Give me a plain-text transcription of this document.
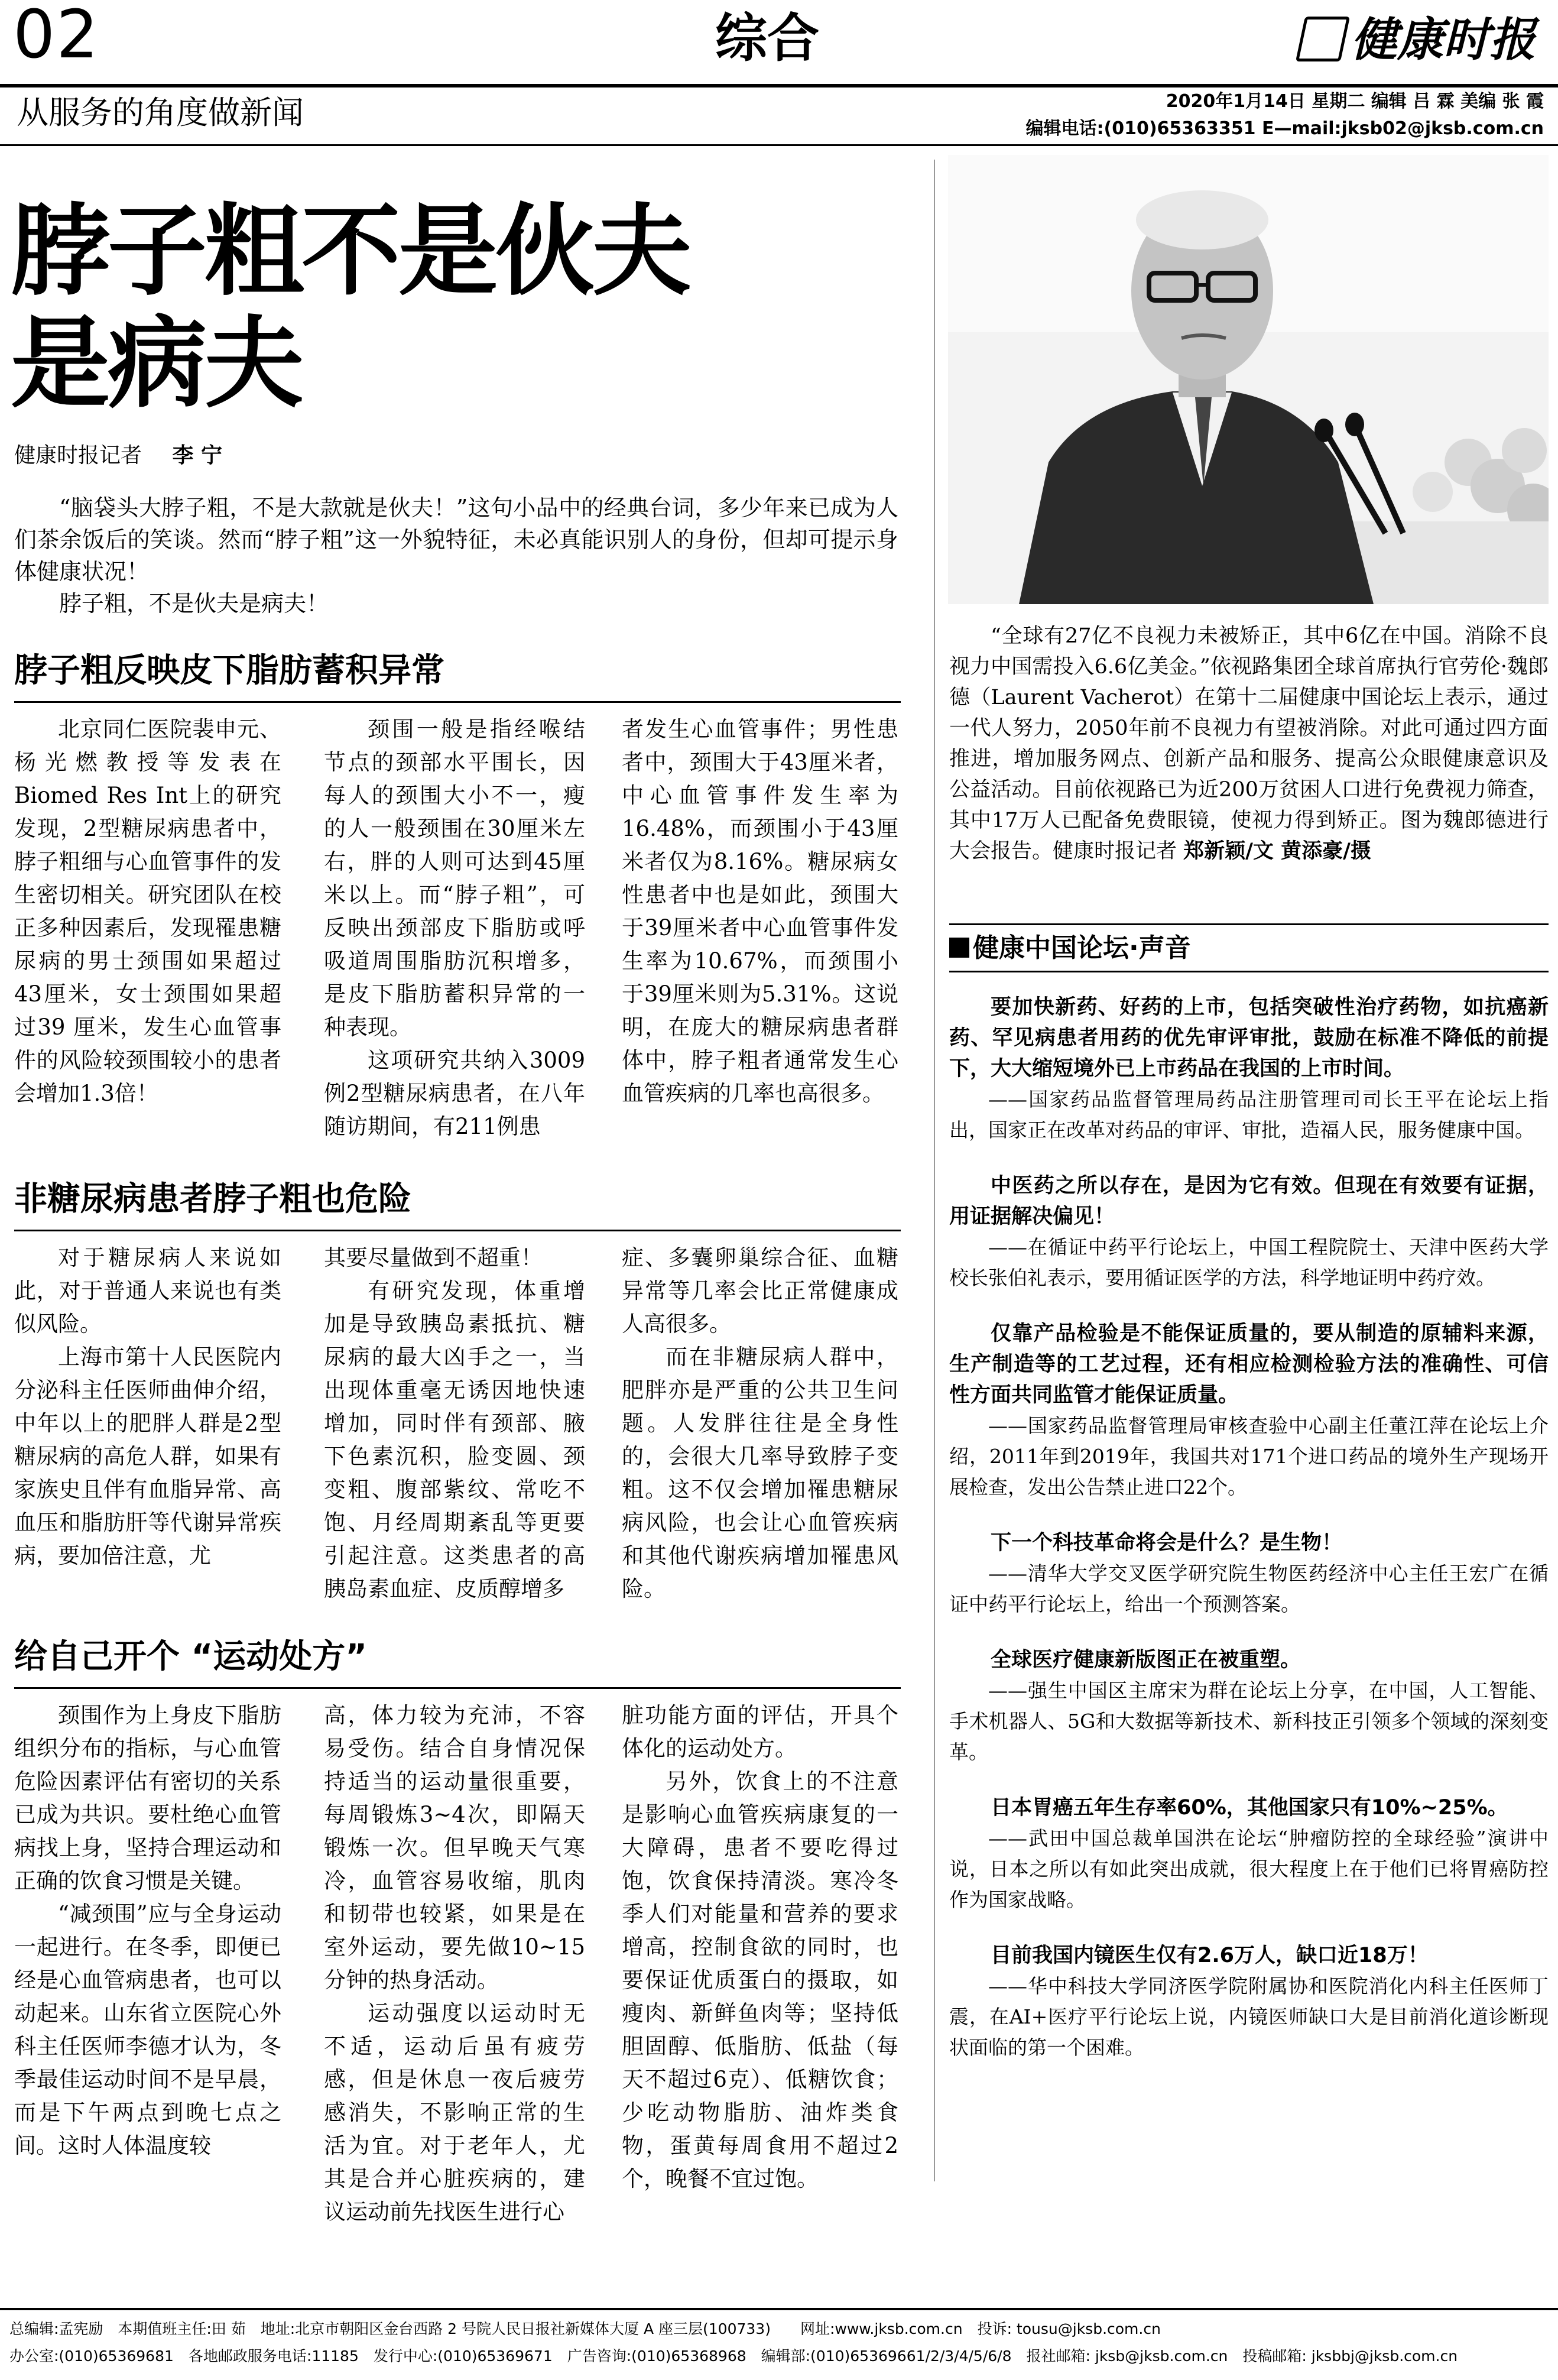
02	综合	健康时报
从服务的角度做新闻	2020年1月14日 星期二 编辑 吕 霖 美编 张 霞
编辑电话:(010)65363351 E—mail:jksb02@jksb.com.cn
脖子粗不是伙夫
是病夫
健康时报记者 李 宁

“脑袋头大脖子粗，不是大款就是伙夫！”这句小品中的经典台词，多少年来已成为人们茶余饭后的笑谈。然而“脖子粗”这一外貌特征，未必真能识别人的身份，但却可提示身体健康状况！

脖子粗，不是伙夫是病夫！

脖子粗反映皮下脂肪蓄积异常

北京同仁医院裴申元、杨光燃教授等发表在Biomed Res Int上的研究发现，2型糖尿病患者中，脖子粗细与心血管事件的发生密切相关。研究团队在校正多种因素后，发现罹患糖尿病的男士颈围如果超过43厘米，女士颈围如果超过39 厘米，发生心血管事件的风险较颈围较小的患者会增加1.3倍！

颈围一般是指经喉结节点的颈部水平围长，因每人的颈围大小不一，瘦的人一般颈围在30厘米左右，胖的人则可达到45厘米以上。而“脖子粗”，可反映出颈部皮下脂肪或呼吸道周围脂肪沉积增多，是皮下脂肪蓄积异常的一种表现。

这项研究共纳入3009例2型糖尿病患者，在八年随访期间，有211例患

者发生心血管事件；男性患者中，颈围大于43厘米者，中心血管事件发生率为16.48%，而颈围小于43厘米者仅为8.16%。糖尿病女性患者中也是如此，颈围大于39厘米者中心血管事件发生率为10.67%，而颈围小于39厘米则为5.31%。这说明，在庞大的糖尿病患者群体中，脖子粗者通常发生心血管疾病的几率也高很多。

非糖尿病患者脖子粗也危险

对于糖尿病人来说如此，对于普通人来说也有类似风险。

上海市第十人民医院内分泌科主任医师曲伸介绍，中年以上的肥胖人群是2型糖尿病的高危人群，如果有家族史且伴有血脂异常、高血压和脂肪肝等代谢异常疾病，要加倍注意，尤

其要尽量做到不超重！

有研究发现，体重增加是导致胰岛素抵抗、糖尿病的最大凶手之一，当出现体重毫无诱因地快速增加，同时伴有颈部、腋下色素沉积，脸变圆、颈变粗、腹部紫纹、常吃不饱、月经周期紊乱等更要引起注意。这类患者的高胰岛素血症、皮质醇增多

症、多囊卵巢综合征、血糖异常等几率会比正常健康成人高很多。

而在非糖尿病人群中，肥胖亦是严重的公共卫生问题。人发胖往往是全身性的，会很大几率导致脖子变粗。这不仅会增加罹患糖尿病风险，也会让心血管疾病和其他代谢疾病增加罹患风险。

给自己开个 “运动处方”

颈围作为上身皮下脂肪组织分布的指标，与心血管危险因素评估有密切的关系已成为共识。要杜绝心血管病找上身，坚持合理运动和正确的饮食习惯是关键。

“减颈围”应与全身运动一起进行。在冬季，即便已经是心血管病患者，也可以动起来。山东省立医院心外科主任医师李德才认为，冬季最佳运动时间不是早晨，而是下午两点到晚七点之间。这时人体温度较

高，体力较为充沛，不容易受伤。结合自身情况保持适当的运动量很重要，每周锻炼3~4次，即隔天锻炼一次。但早晚天气寒冷，血管容易收缩，肌肉和韧带也较紧，如果是在室外运动，要先做10~15分钟的热身活动。

运动强度以运动时无不适，运动后虽有疲劳感，但是休息一夜后疲劳感消失，不影响正常的生活为宜。对于老年人，尤其是合并心脏疾病的，建议运动前先找医生进行心

脏功能方面的评估，开具个体化的运动处方。

另外，饮食上的不注意是影响心血管疾病康复的一大障碍，患者不要吃得过饱，饮食保持清淡。寒冷冬季人们对能量和营养的要求增高，控制食欲的同时，也要保证优质蛋白的摄取，如瘦肉、新鲜鱼肉等；坚持低胆固醇、低脂肪、低盐（每天不超过6克）、低糖饮食；少吃动物脂肪、油炸类食物，蛋黄每周食用不超过2个，晚餐不宜过饱。

“全球有27亿不良视力未被矫正，其中6亿在中国。消除不良视力中国需投入6.6亿美金。”依视路集团全球首席执行官劳伦·魏郎德（Laurent Vacherot）在第十二届健康中国论坛上表示，通过一代人努力，2050年前不良视力有望被消除。对此可通过四方面推进，增加服务网点、创新产品和服务、提高公众眼健康意识及公益活动。目前依视路已为近200万贫困人口进行免费视力筛查，其中17万人已配备免费眼镜，使视力得到矫正。图为魏郎德进行大会报告。健康时报记者 郑新颖/文 黄添豪/摄

健康中国论坛·声音

要加快新药、好药的上市，包括突破性治疗药物，如抗癌新药、罕见病患者用药的优先审评审批，鼓励在标准不降低的前提下，大大缩短境外已上市药品在我国的上市时间。

——国家药品监督管理局药品注册管理司司长王平在论坛上指出，国家正在改革对药品的审评、审批，造福人民，服务健康中国。

中医药之所以存在，是因为它有效。但现在有效要有证据，用证据解决偏见！

——在循证中药平行论坛上，中国工程院院士、天津中医药大学校长张伯礼表示，要用循证医学的方法，科学地证明中药疗效。

仅靠产品检验是不能保证质量的，要从制造的原辅料来源，生产制造等的工艺过程，还有相应检测检验方法的准确性、可信性方面共同监管才能保证质量。

——国家药品监督管理局审核查验中心副主任董江萍在论坛上介绍，2011年到2019年，我国共对171个进口药品的境外生产现场开展检查，发出公告禁止进口22个。

下一个科技革命将会是什么？是生物！

——清华大学交叉医学研究院生物医药经济中心主任王宏广在循证中药平行论坛上，给出一个预测答案。

全球医疗健康新版图正在被重塑。

——强生中国区主席宋为群在论坛上分享，在中国，人工智能、手术机器人、5G和大数据等新技术、新科技正引领多个领域的深刻变革。

日本胃癌五年生存率60%，其他国家只有10%~25%。

——武田中国总裁单国洪在论坛“肿瘤防控的全球经验”演讲中说，日本之所以有如此突出成就，很大程度上在于他们已将胃癌防控作为国家战略。

目前我国内镜医生仅有2.6万人，缺口近18万！

——华中科技大学同济医学院附属协和医院消化内科主任医师丁震，在AI+医疗平行论坛上说，内镜医师缺口大是目前消化道诊断现状面临的第一个困难。

总编辑:孟宪励　本期值班主任:田 茹　地址:北京市朝阳区金台西路 2 号院人民日报社新媒体大厦 A 座三层(100733)　　网址:www.jksb.com.cn　投诉: tousu@jksb.com.cn
办公室:(010)65369681　各地邮政服务电话:11185　发行中心:(010)65369671　广告咨询:(010)65368968　编辑部:(010)65369661/2/3/4/5/6/8　报社邮箱: jksb@jksb.com.cn　投稿邮箱: jksbbj@jksb.com.cn
